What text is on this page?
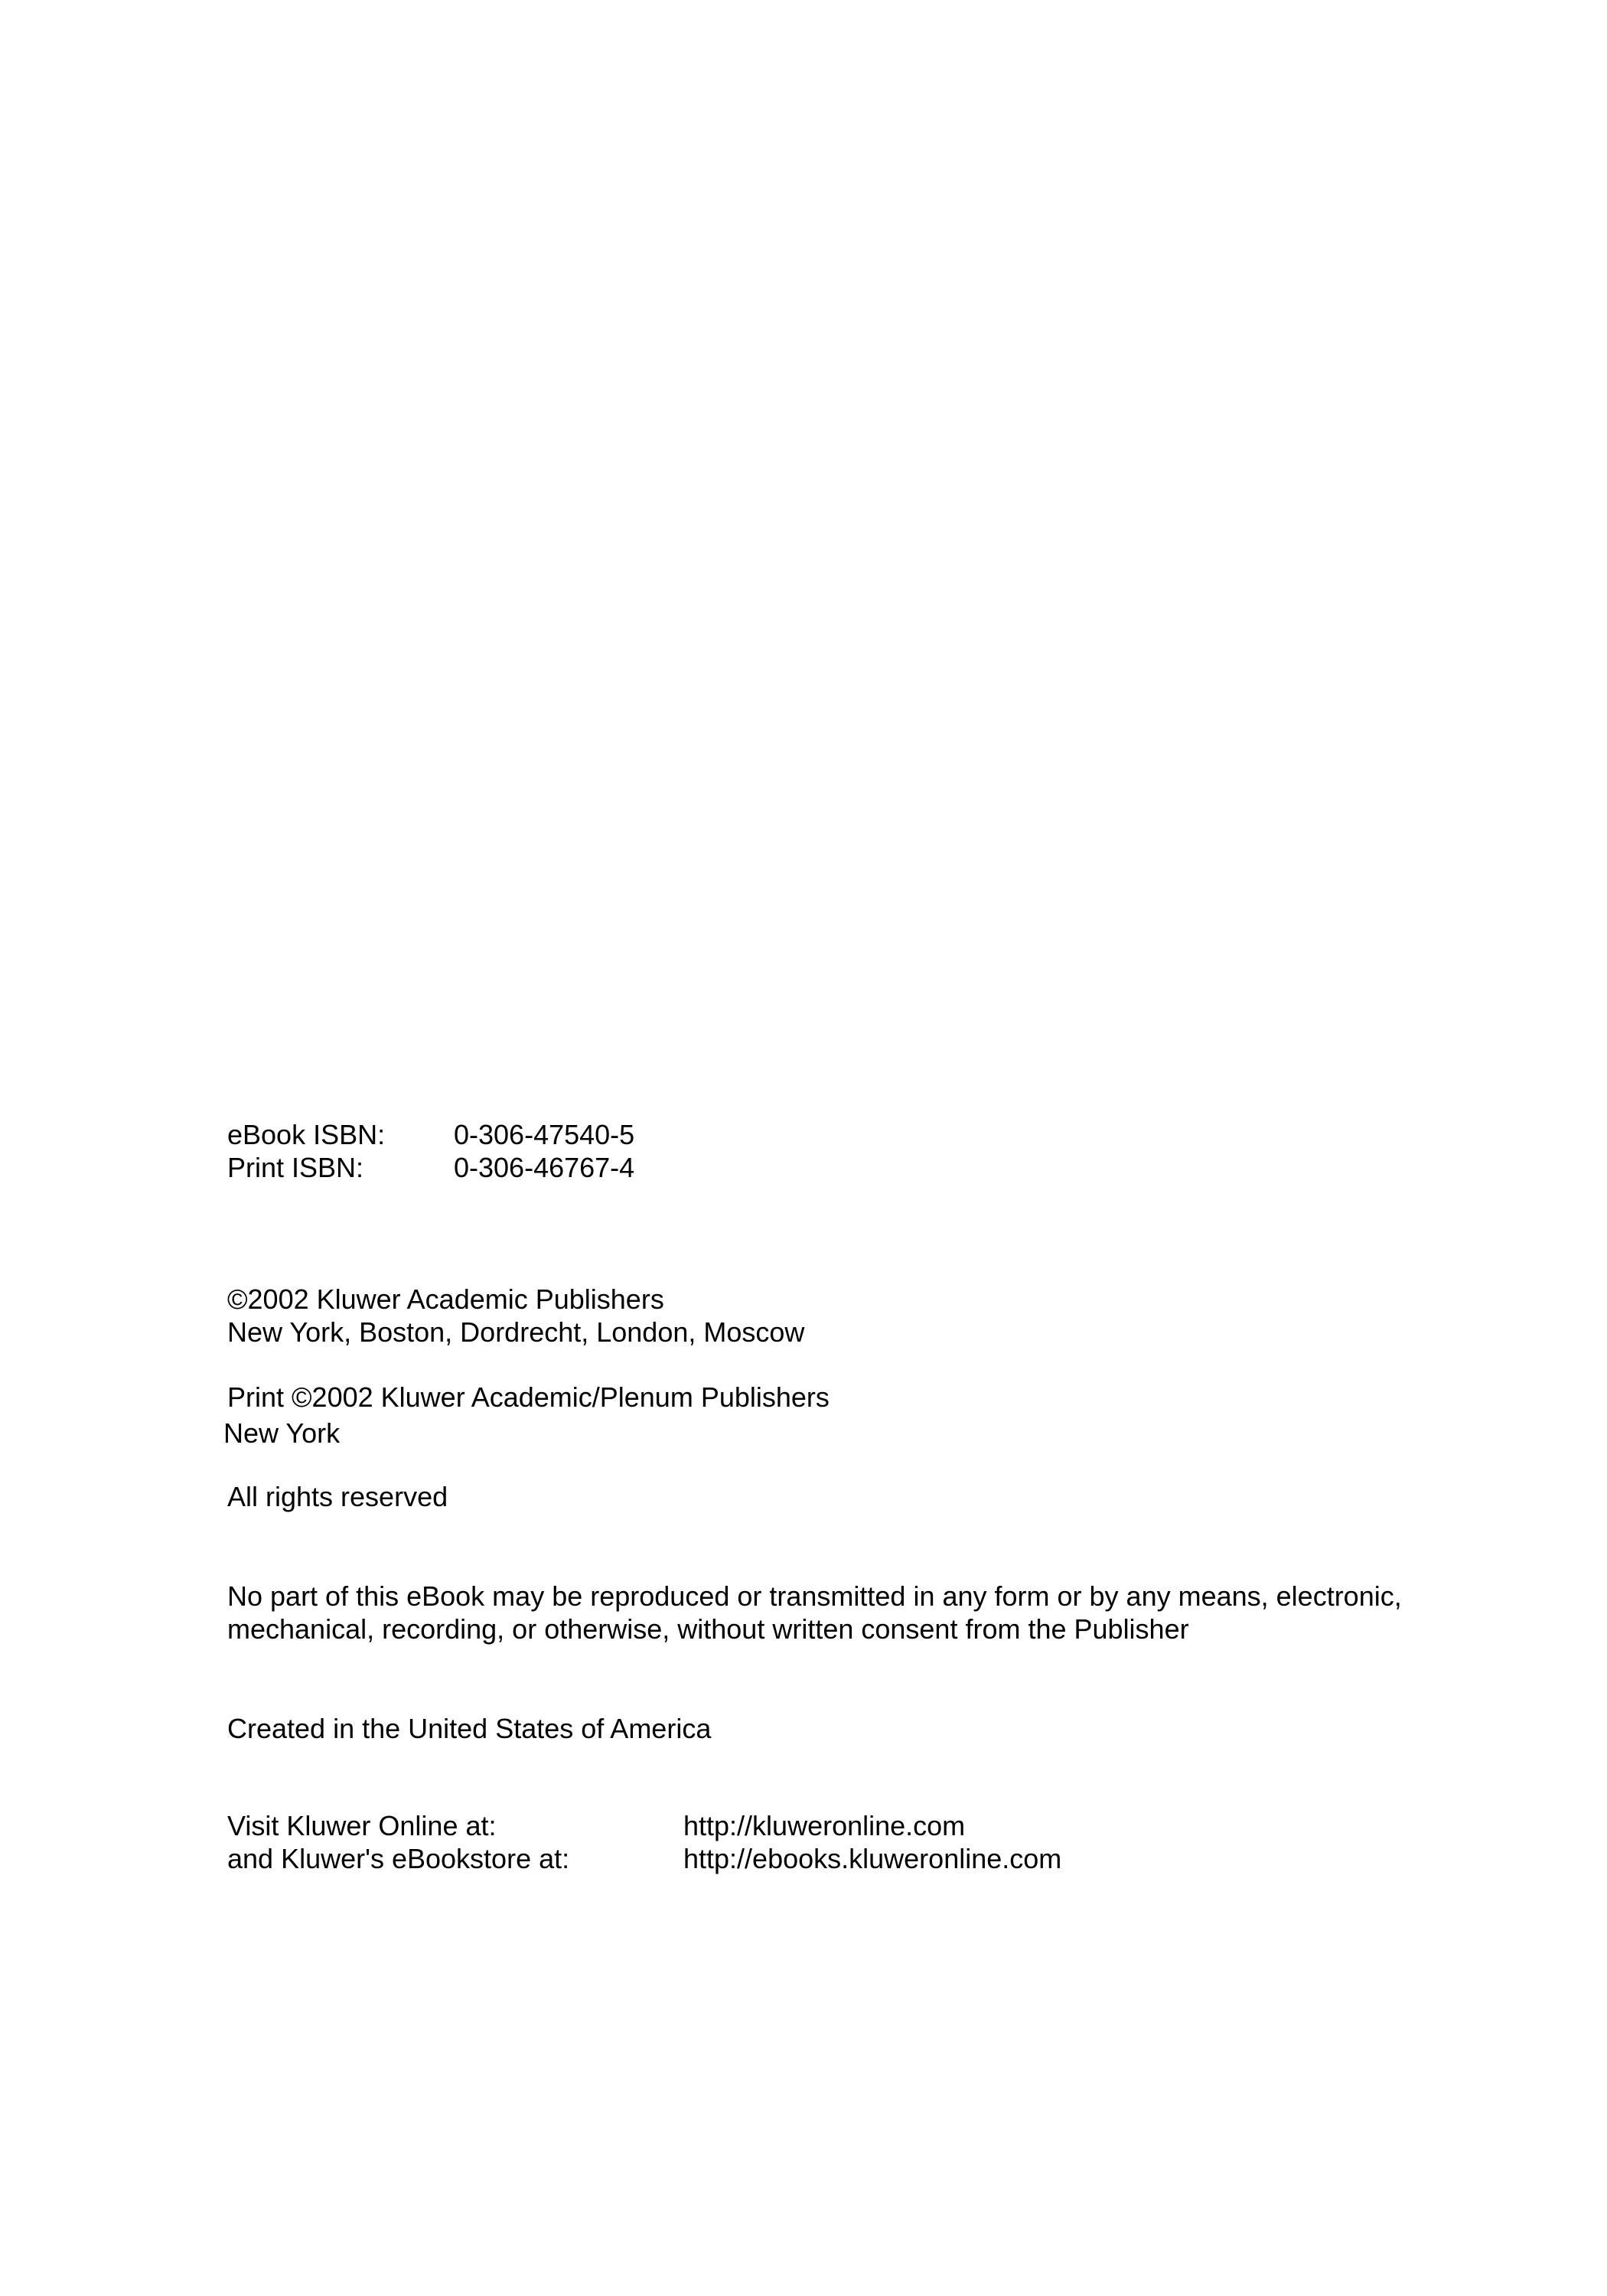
eBook ISBN: 0-306-47540-5
Print ISBN:	0-306-46767-4
©2002 Kluwer Academic Publishers
New York, Boston, Dordrecht, London, Moscow
Print ©2002 Kluwer Academic/Plenum Publishers
New York
All rights reserved
No part of this eBook may be reproduced or transmitted in any form or by any means, electronic,
mechanical, recording, or otherwise, without written consent from the Publisher
Created in the United States of America
Visit Kluwer Online at:	http://kluweronline.com
and Kluwer's eBookstore at:	http://ebooks.kluweronline.com
